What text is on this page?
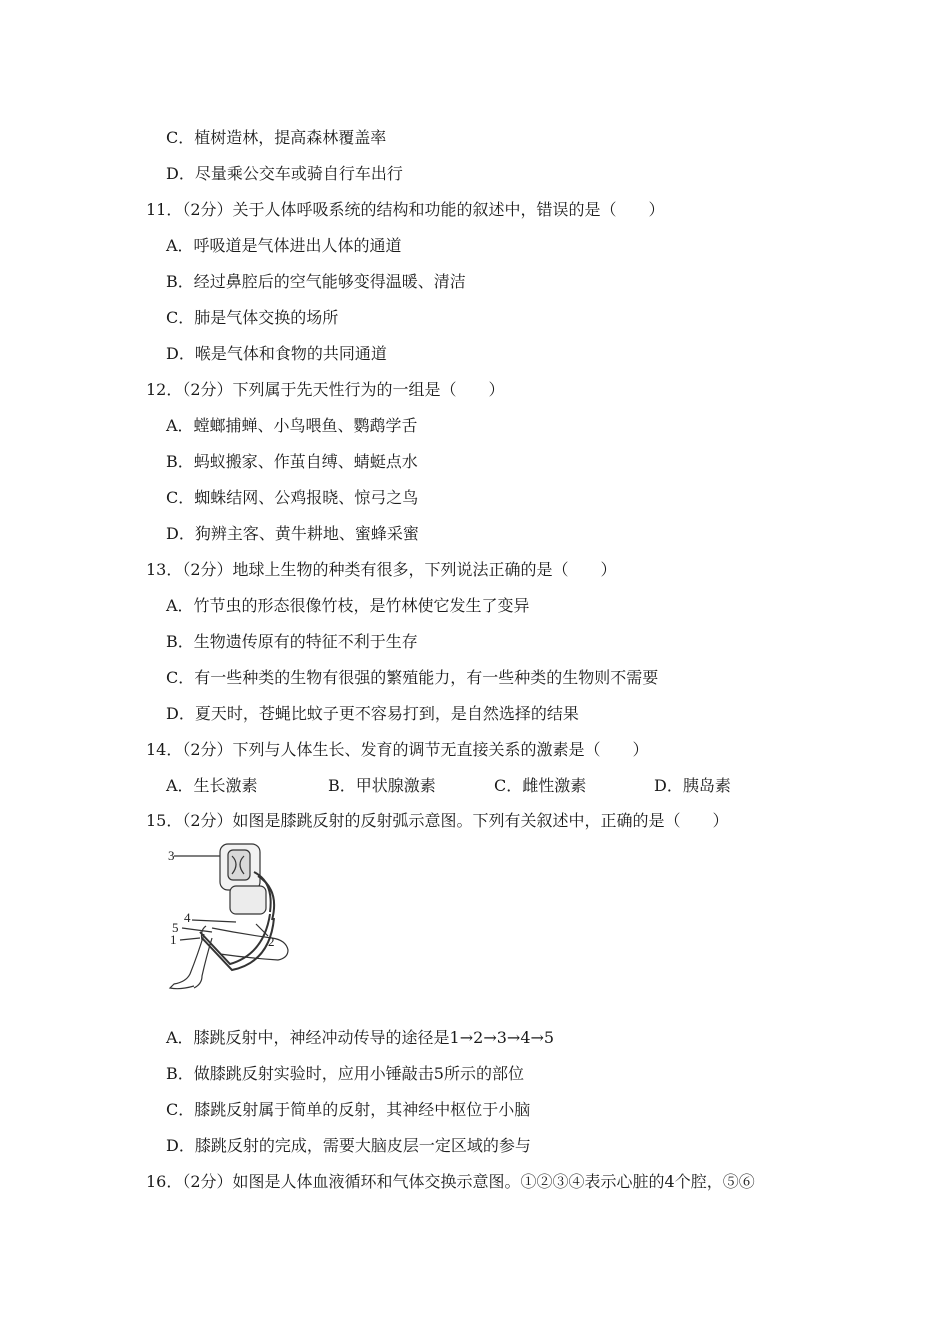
C．植树造林，提高森林覆盖率
D．尽量乘公交车或骑自行车出行
11．（2分）关于人体呼吸系统的结构和功能的叙述中，错误的是（　　）
A．呼吸道是气体进出人体的通道
B．经过鼻腔后的空气能够变得温暖、清洁
C．肺是气体交换的场所
D．喉是气体和食物的共同通道
12．（2分）下列属于先天性行为的一组是（　　）
A．螳螂捕蝉、小鸟喂鱼、鹦鹉学舌
B．蚂蚁搬家、作茧自缚、蜻蜓点水
C．蜘蛛结网、公鸡报晓、惊弓之鸟
D．狗辨主客、黄牛耕地、蜜蜂采蜜
13．（2分）地球上生物的种类有很多，下列说法正确的是（　　）
A．竹节虫的形态很像竹枝，是竹林使它发生了变异
B．生物遗传原有的特征不利于生存
C．有一些种类的生物有很强的繁殖能力，有一些种类的生物则不需要
D．夏天时，苍蝇比蚊子更不容易打到，是自然选择的结果
14．（2分）下列与人体生长、发育的调节无直接关系的激素是（　　）
A．生长激素	B．甲状腺激素	C．雌性激素	D．胰岛素
15．（2分）如图是膝跳反射的反射弧示意图。下列有关叙述中，正确的是（　　）
3
4
5
1	2
A．膝跳反射中，神经冲动传导的途径是1→2→3→4→5
B．做膝跳反射实验时，应用小锤敲击5所示的部位
C．膝跳反射属于简单的反射，其神经中枢位于小脑
D．膝跳反射的完成，需要大脑皮层一定区域的参与
16．（2分）如图是人体血液循环和气体交换示意图。①②③④表示心脏的4个腔，⑤⑥
